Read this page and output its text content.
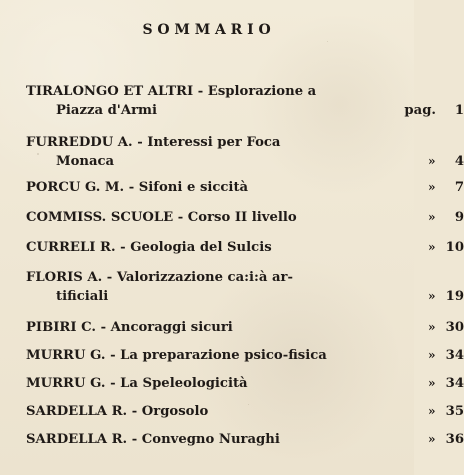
SOMMARIO
TIRALONGO ET ALTRI - Esplorazione a
Piazza d'Armi	pag.	1
FURREDDU A. - Interessi per Foca
Monaca	»	4
PORCU G. M. - Sifoni e siccità	»	7
COMMISS. SCUOLE - Corso II livello	»	9
CURRELI R. - Geologia del Sulcis	» 10
FLORIS A. - Valorizzazione ca:i:à ar-
tificiali	» 19
PIBIRI C. - Ancoraggi sicuri	» 30
MURRU G. - La preparazione psico-fisica	» 34
MURRU G. - La Speleologicità	» 34
SARDELLA R. - Orgosolo	» 35
SARDELLA R. - Convegno Nuraghi	» 36
